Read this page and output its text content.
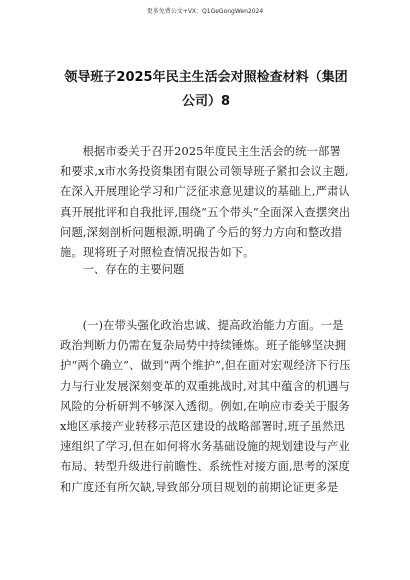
更多免费公文+VX：Q1GeGongWen2024
领导班子2025年民主生活会对照检查材料（集团公司）8
根据市委关于召开2025年度民主生活会的统一部署和要求,x市水务投资集团有限公司领导班子紧扣会议主题,在深入开展理论学习和广泛征求意见建议的基础上,严肃认真开展批评和自我批评,围绕“五个带头”全面深入查摆突出问题,深刻剖析问题根源,明确了今后的努力方向和整改措施。现将班子对照检查情况报告如下。
一、存在的主要问题
(一)在带头强化政治忠诚、提高政治能力方面。一是政治判断力仍需在复杂局势中持续锤炼。班子能够坚决拥护“两个确立”、做到“两个维护”,但在面对宏观经济下行压力与行业发展深刻变革的双重挑战时,对其中蕴含的机遇与风险的分析研判不够深入透彻。例如,在响应市委关于服务x地区承接产业转移示范区建设的战略部署时,班子虽然迅速组织了学习,但在如何将水务基础设施的规划建设与产业布局、转型升级进行前瞻性、系统性对接方面,思考的深度和广度还有所欠缺,导致部分项目规划的前期论证更多是
